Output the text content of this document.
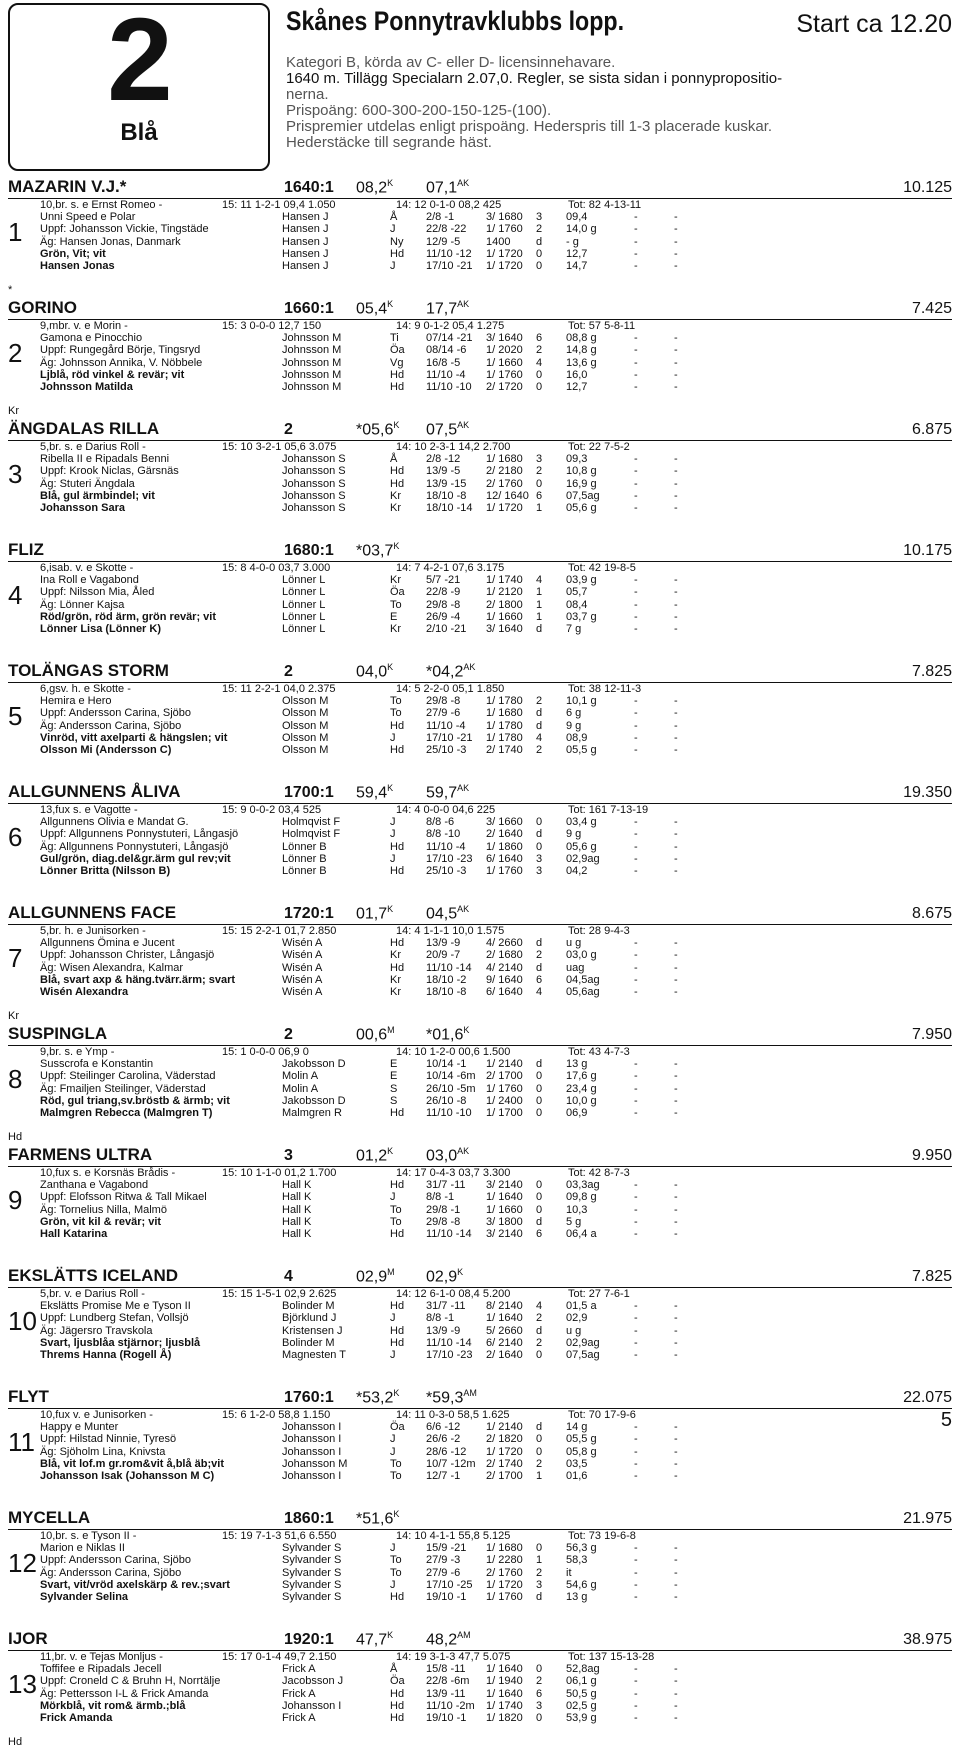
2
Blå
Skånes Ponnytravklubbs lopp.	Start ca 12.20
Kategori B, körda av C- eller D- licensinnehavare.
1640 m. Tillägg Specialarn 2.07,0. Regler, se sista sidan i ponnypropositio-
nerna.
Prispoäng: 600-300-200-150-125-(100).
Prispremier utdelas enligt prispoäng. Hederspris till 1-3 placerade kuskar.
Hederstäcke till segrande häst.
MAZARIN V.J.*	1640:1 $08,2^K$ $07,1^{AK}$	10.125
1
*
10,br. s. e Ernst Romeo -	15: 11 1-2-1 09,4 1.050	14: 12 0-1-0 08,2 425	Tot: 82 4-13-11
Unni Speed e Polar	Hansen J	Å	2/8 -1	3/ 1680 3 09,4	-	-
Uppf: Johansson Vickie, Tingstäde	Hansen J	J	22/8 -22 1/ 1760 2 14,0 g	-	-
Äg: Hansen Jonas, Danmark	Hansen J	Ny 12/9 -5 1400 d - g	-	-
Grön, Vit; vit	Hansen J	Hd 11/10 -12 1/ 1720 0 12,7	-	-
Hansen Jonas	Hansen J	J	17/10 -21 1/ 1720 0 14,7	-	-
GORINO	1660:1 $05,4^K$ $17,7^{AK}$	7.425
2
Kr
9,mbr. v. e Morin -	15: 3 0-0-0 12,7 150	14: 9 0-1-2 05,4 1.275	Tot: 57 5-8-11
Gamona e Pinocchio	Johnsson M	Ti 07/14 -21 3/ 1640 6 08,8 g	-	-
Uppf: Rungegård Börje, Tingsryd	Johnsson M	Öa 08/14 -6 1/ 2020 2 14,8 g	-	-
Äg: Johnsson Annika, V. Nöbbele	Johnsson M	Vg 16/8 -5 1/ 1660 4 13,6 g	-	-
Ljblå, röd vinkel & revär; vit	Johnsson M	Hd 11/10 -4 1/ 1760 0 16,0	-	-
Johnsson Matilda	Johnsson M	Hd 11/10 -10 2/ 1720 0 12,7	-	-
ÄNGDALAS RILLA	2	$*05,6^K$ $07,5^{AK}$	6.875
3
5,br. s. e Darius Roll -	15: 10 3-2-1 05,6 3.075	14: 10 2-3-1 14,2 2.700	Tot: 22 7-5-2
Ribella II e Ripadals Benni	Johansson S	Å	2/8 -12 1/ 1680 3 09,3	-	-
Uppf: Krook Niclas, Gärsnäs	Johansson S	Hd 13/9 -5 2/ 2180 2 10,8 g	-	-
Äg: Stuteri Ängdala	Johansson S	Hd 13/9 -15 2/ 1760 0 16,9 g	-	-
Blå, gul ärmbindel; vit	Johansson S	Kr 18/10 -8 12/ 1640 6 07,5ag	-	-
Johansson Sara	Johansson S	Kr 18/10 -14 1/ 1720 1 05,6 g	-	-
FLIZ	1680:1 $*03,7^K$	10.175
4
6,isab. v. e Skotte -	15: 8 4-0-0 03,7 3.000	14: 7 4-2-1 07,6 3.175	Tot: 42 19-8-5
Ina Roll e Vagabond	Lönner L	Kr 5/7 -21 1/ 1740 4 03,9 g	-	-
Uppf: Nilsson Mia, Åled	Lönner L	Öa 22/8 -9 1/ 2120 1 05,7	-	-
Äg: Lönner Kajsa	Lönner L	To 29/8 -8 2/ 1800 1 08,4	-	-
Röd/grön, röd ärm, grön revär; vit	Lönner L	E	26/9 -4 1/ 1660 1 03,7 g	-	-
Lönner Lisa (Lönner K)	Lönner L	Kr 2/10 -21 3/ 1640 d 7 g	-	-
TOLÄNGAS STORM	2	$04,0^K$ $*04,2^{AK}$	7.825
5
6,gsv. h. e Skotte -	15: 11 2-2-1 04,0 2.375	14: 5 2-2-0 05,1 1.850	Tot: 38 12-11-3
Hemira e Hero	Olsson M	To 29/8 -8 1/ 1780 2 10,1 g	-	-
Uppf: Andersson Carina, Sjöbo	Olsson M	To 27/9 -6 1/ 1680 d 6 g	-	-
Äg: Andersson Carina, Sjöbo	Olsson M	Hd 11/10 -4 1/ 1780 d 9 g	-	-
Vinröd, vitt axelparti & hängslen; vit	Olsson M	J	17/10 -21 1/ 1780 4 08,9	-	-
Olsson Mi (Andersson C)	Olsson M	Hd 25/10 -3 2/ 1740 2 05,5 g	-	-
ALLGUNNENS ÅLIVA	1700:1 $59,4^K$ $59,7^{AK}$	19.350
6
13,fux s. e Vagotte -	15: 9 0-0-2 03,4 525	14: 4 0-0-0 04,6 225	Tot: 161 7-13-19
Allgunnens Olivia e Mandat G.	Holmqvist F	J	8/8 -6	3/ 1660 0 03,4 g	-	-
Uppf: Allgunnens Ponnystuteri, Långasjö	Holmqvist F	J	8/8 -10 2/ 1640 d 9 g	-	-
Äg: Allgunnens Ponnystuteri, Långasjö	Lönner B	Hd 11/10 -4 1/ 1860 0 05,6 g	-	-
Gul/grön, diag.del&gr.ärm gul rev;vit	Lönner B	J	17/10 -23 6/ 1640 3 02,9ag	-	-
Lönner Britta (Nilsson B)	Lönner B	Hd 25/10 -3 1/ 1760 3 04,2	-	-
ALLGUNNENS FACE	1720:1 $01,7^K$ $04,5^{AK}$	8.675
7
Kr
5,br. h. e Junisorken -	15: 15 2-2-1 01,7 2.850	14: 4 1-1-1 10,0 1.575	Tot: 28 9-4-3
Allgunnens Ömina e Jucent	Wisén A	Hd 13/9 -9 4/ 2660 d u g	-	-
Uppf: Johansson Christer, Långasjö	Wisén A	Kr 20/9 -7 2/ 1680 2 03,0 g	-	-
Äg: Wisen Alexandra, Kalmar	Wisén A	Hd 11/10 -14 4/ 2140 d uag	-	-
Blå, svart axp & häng.tvärr.ärm; svart	Wisén A	Kr 18/10 -2 9/ 1640 6 04,5ag	-	-
Wisén Alexandra	Wisén A	Kr 18/10 -8 6/ 1640 4 05,6ag	-	-
SUSPINGLA	2	$00,6^M$ $*01,6^K$	7.950
8
Hd
9,br. s. e Ymp -	15: 1 0-0-0 06,9 0	14: 10 1-2-0 00,6 1.500	Tot: 43 4-7-3
Susscrofa e Konstantin	Jakobsson D	E	10/14 -1 1/ 2140 d 13 g	-	-
Uppf: Steilinger Carolina, Väderstad	Molin A	E	10/14 -6m 2/ 1700 0 17,6 g	-	-
Äg: Fmailjen Steilinger, Väderstad	Molin A	S	26/10 -5m 1/ 1760 0 23,4 g	-	-
Röd, gul triang,sv.bröstb & ärmb; vit	Jakobsson D	S	26/10 -8 1/ 2400 0 10,0 g	-	-
Malmgren Rebecca (Malmgren T)	Malmgren R	Hd 11/10 -10 1/ 1700 0 06,9	-	-
FARMENS ULTRA	3	$01,2^K$ $03,0^{AK}$	9.950
9
10,fux s. e Korsnäs Brådis -	15: 10 1-1-0 01,2 1.700	14: 17 0-4-3 03,7 3.300	Tot: 42 8-7-3
Zanthana e Vagabond	Hall K	Hd 31/7 -11 3/ 2140 0 03,3ag	-	-
Uppf: Elofsson Ritwa & Tall Mikael	Hall K	J	8/8 -1	1/ 1640 0 09,8 g	-	-
Äg: Tornelius Nilla, Malmö	Hall K	To 29/8 -1 1/ 1660 0 10,3	-	-
Grön, vit kil & revär; vit	Hall K	To 29/8 -8 3/ 1800 d 5 g	-	-
Hall Katarina	Hall K	Hd 11/10 -14 3/ 2140 6 06,4 a	-	-
EKSLÄTTS ICELAND	4	$02,9^M$ $02,9^K$	7.825
10
5,br. v. e Darius Roll -	15: 15 1-5-1 02,9 2.625	14: 12 6-1-0 08,4 5.200	Tot: 27 7-6-1
Ekslätts Promise Me e Tyson II	Bolinder M	Hd 31/7 -11 8/ 2140 4 01,5 a	-	-
Uppf: Lundberg Stefan, Vollsjö	Björklund J	J	8/8 -1	1/ 1640 2 02,9	-	-
Äg: Jägersro Travskola	Kristensen J	Hd 13/9 -9 5/ 2660 d u g	-	-
Svart, ljusblåa stjärnor; ljusblå	Bolinder M	Hd 11/10 -14 6/ 2140 2 02,9ag	-	-
Threms Hanna (Rogell Å)	Magnesten T	J	17/10 -23 2/ 1640 0 07,5ag	-	-
FLYT	1760:1 $*53,2^K$ $*59,3^{AM}$	22.075
11
10,fux v. e Junisorken -	15: 6 1-2-0 58,8 1.150	14: 11 0-3-0 58,5 1.625	Tot: 70 17-9-6
Happy e Munter	Johansson I	Öa 6/6 -12 1/ 2140 d 14 g	-	-
Uppf: Hilstad Ninnie, Tyresö	Johansson I	J	26/6 -2 2/ 1820 0 05,5 g	-	-
Äg: Sjöholm Lina, Knivsta	Johansson I	J	28/6 -12 1/ 1720 0 05,8 g	-	-
Blå, vit lof.m gr.rom&vit å,blå äb;vit	Johansson M	To 10/7 -12m 2/ 1740 2 03,5	-	-
Johansson Isak (Johansson M C)	Johansson I	To 12/7 -1 2/ 1700 1 01,6	-	-
MYCELLA	1860:1 $*51,6^K$	21.975
12
10,br. s. e Tyson II -	15: 19 7-1-3 51,6 6.550	14: 10 4-1-1 55,8 5.125	Tot: 73 19-6-8
Marion e Niklas II	Sylvander S	J	15/9 -21 1/ 1680 0 56,3 g	-	-
Uppf: Andersson Carina, Sjöbo	Sylvander S	To 27/9 -3 1/ 2280 1 58,3	-	-
Äg: Andersson Carina, Sjöbo	Sylvander S	To 27/9 -6 2/ 1760 2 it	-	-
Svart, vit/vröd axelskärp & rev.;svart	Sylvander S	J	17/10 -25 1/ 1720 3 54,6 g	-	-
Sylvander Selina	Sylvander S	Hd 19/10 -1 1/ 1760 d 13 g	-	-
IJOR	1920:1 $47,7^K$ $48,2^{AM}$	38.975
13
Hd
11,br. v. e Tejas Monljus -	15: 17 0-1-4 49,7 2.150	14: 19 3-1-3 47,7 5.075	Tot: 137 15-13-28
Toffifee e Ripadals Jecell	Frick A	Å	15/8 -11 1/ 1640 0 52,8ag	-	-
Uppf: Croneld C & Bruhn H, Norrtälje	Jacobsson J	Öa 22/8 -6m 1/ 1940 2 06,1 g	-	-
Äg: Pettersson I-L & Frick Amanda	Frick A	Hd 13/9 -11 1/ 1640 6 50,5 g	-	-
Mörkblå, vit rom& ärmb.;blå	Johansson I	Hd 11/10 -2m 1/ 1740 3 02,5 g	-	-
Frick Amanda	Frick A	Hd 19/10 -1 1/ 1820 0 53,9 g	-	-
5
